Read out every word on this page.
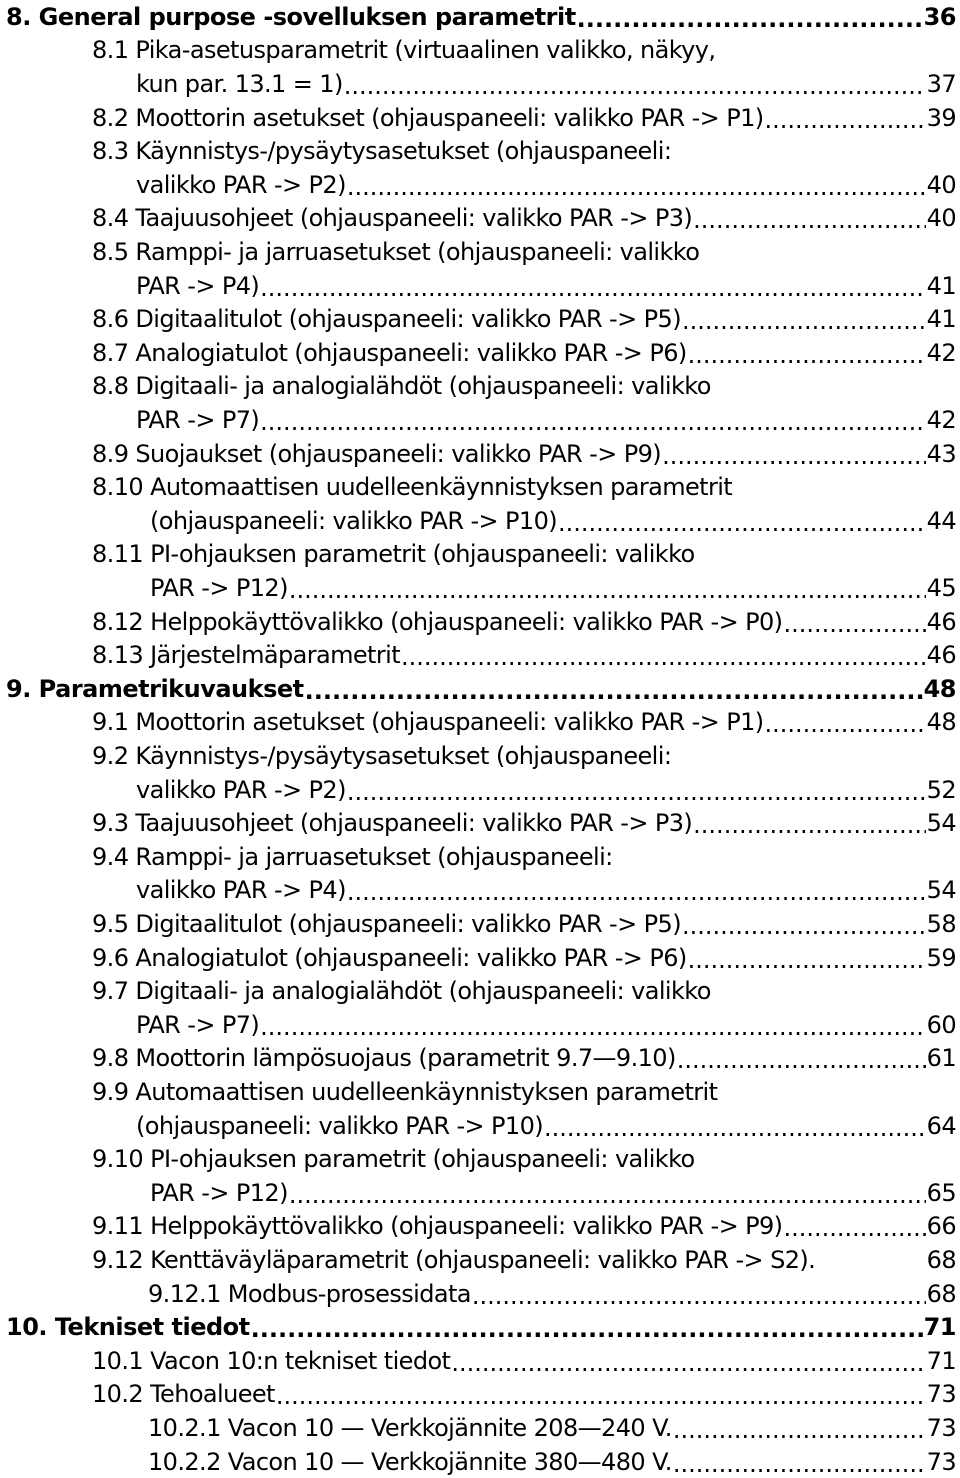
8. General purpose -sovelluksen parametrit .....	36
8.1 Pika-asetusparametrit (virtuaalinen valikko, näkyy,
kun par. 13.1 = 1) .....	37
8.2 Moottorin asetukset (ohjauspaneeli: valikko PAR -> P1) .....	39
8.3 Käynnistys-/pysäytysasetukset (ohjauspaneeli:
valikko PAR -> P2) .....	40
8.4 Taajuusohjeet (ohjauspaneeli: valikko PAR -> P3) .....	40
8.5 Ramppi- ja jarruasetukset (ohjauspaneeli: valikko
PAR -> P4) .....	41
8.6 Digitaalitulot (ohjauspaneeli: valikko PAR -> P5) .....	41
8.7 Analogiatulot (ohjauspaneeli: valikko PAR -> P6) .....	42
8.8 Digitaali- ja analogialähdöt (ohjauspaneeli: valikko
PAR -> P7) .....	42
8.9 Suojaukset (ohjauspaneeli: valikko PAR -> P9) .....	43
8.10 Automaattisen uudelleenkäynnistyksen parametrit
(ohjauspaneeli: valikko PAR -> P10) .....	44
8.11 PI-ohjauksen parametrit (ohjauspaneeli: valikko
PAR -> P12) .....	45
8.12 Helppokäyttövalikko (ohjauspaneeli: valikko PAR -> P0) .....	46
8.13 Järjestelmäparametrit .....	46
9. Parametrikuvaukset .....	48
9.1 Moottorin asetukset (ohjauspaneeli: valikko PAR -> P1) .....	48
9.2 Käynnistys-/pysäytysasetukset (ohjauspaneeli:
valikko PAR -> P2) .....	52
9.3 Taajuusohjeet (ohjauspaneeli: valikko PAR -> P3) .....	54
9.4 Ramppi- ja jarruasetukset (ohjauspaneeli:
valikko PAR -> P4) .....	54
9.5 Digitaalitulot (ohjauspaneeli: valikko PAR -> P5) .....	58
9.6 Analogiatulot (ohjauspaneeli: valikko PAR -> P6) .....	59
9.7 Digitaali- ja analogialähdöt (ohjauspaneeli: valikko
PAR -> P7) .....	60
9.8 Moottorin lämpösuojaus (parametrit 9.7—9.10) .....	61
9.9 Automaattisen uudelleenkäynnistyksen parametrit
(ohjauspaneeli: valikko PAR -> P10) .....	64
9.10 PI-ohjauksen parametrit (ohjauspaneeli: valikko
PAR -> P12) .....	65
9.11 Helppokäyttövalikko (ohjauspaneeli: valikko PAR -> P9) .....	66
9.12 Kenttäväyläparametrit (ohjauspaneeli: valikko PAR -> S2).	68
9.12.1 Modbus-prosessidata .....	68
10. Tekniset tiedot .....	71
10.1 Vacon 10:n tekniset tiedot .....	71
10.2 Tehoalueet .....	73
10.2.1 Vacon 10 — Verkkojännite 208—240 V. .....	73
10.2.2 Vacon 10 — Verkkojännite 380—480 V. .....	73
